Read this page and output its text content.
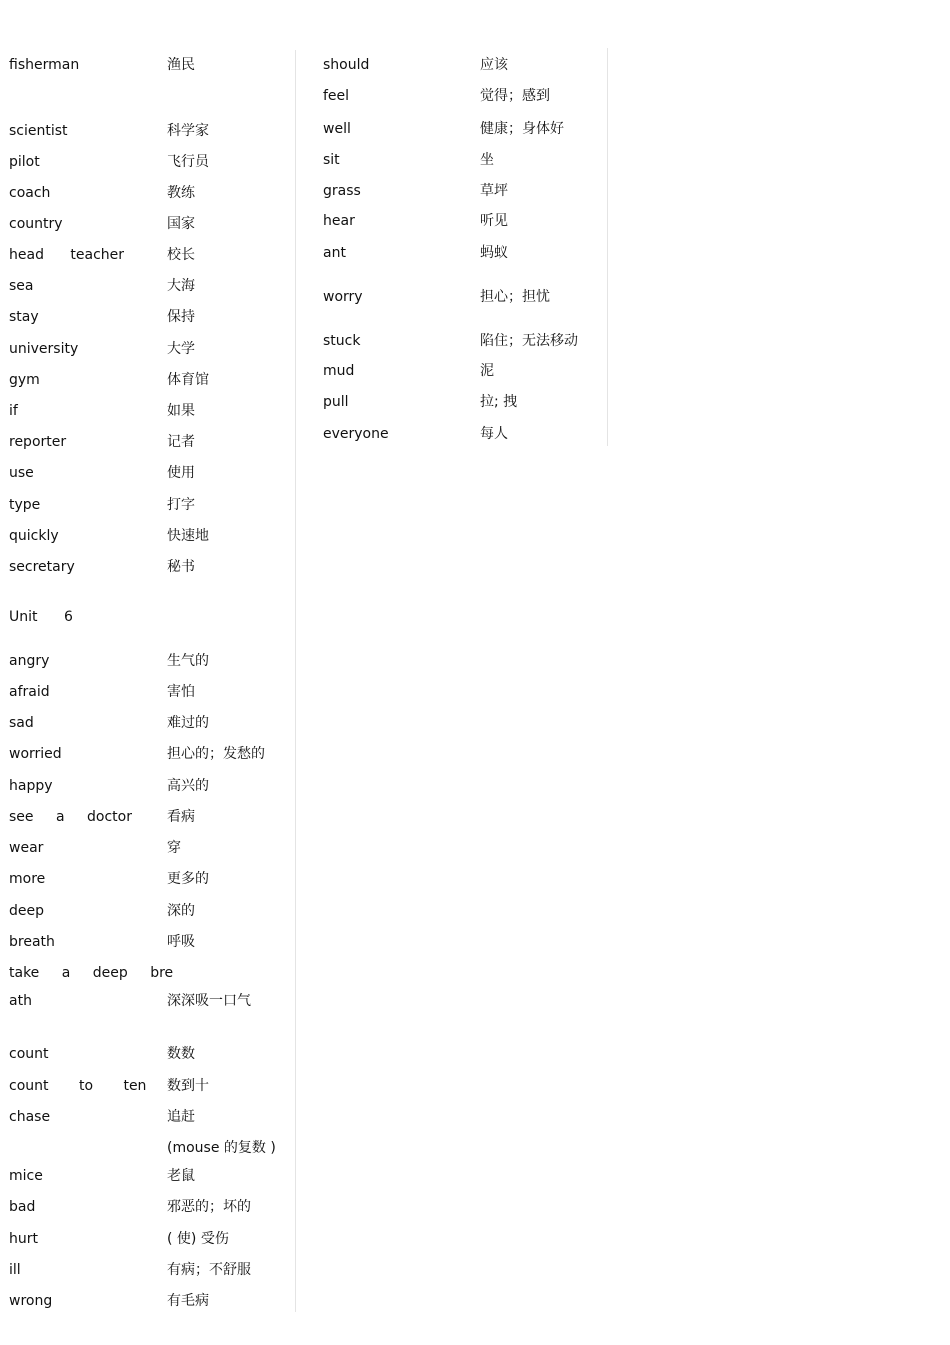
fisherman	渔民
scientist	科学家
pilot	飞行员
coach	教练
country	国家
head teacher	校长
sea	大海
stay	保持
university	大学
gym	体育馆
if	如果
reporter	记者
use	使用
type	打字
quickly	快速地
secretary	秘书
Unit 6
angry	生气的
afraid	害怕
sad	难过的
worried	担心的；发愁的
happy	高兴的
see a doctor	看病
wear	穿
more	更多的
deep	深的
breath	呼吸
take a deep bre
ath	深深吸一口气
count	数数
count to ten 数到十
chase	追赶
(mouse 的复数 )
mice	老鼠
bad	邪恶的；坏的
hurt	( 使) 受伤
ill	有病；不舒服
wrong	有毛病
should	应该
feel	觉得；感到
well	健康；身体好
sit	坐
grass	草坪
hear	听见
ant	蚂蚁
worry	担心；担忧
stuck	陷住；无法移动
mud	泥
pull	拉; 拽
everyone	每人
